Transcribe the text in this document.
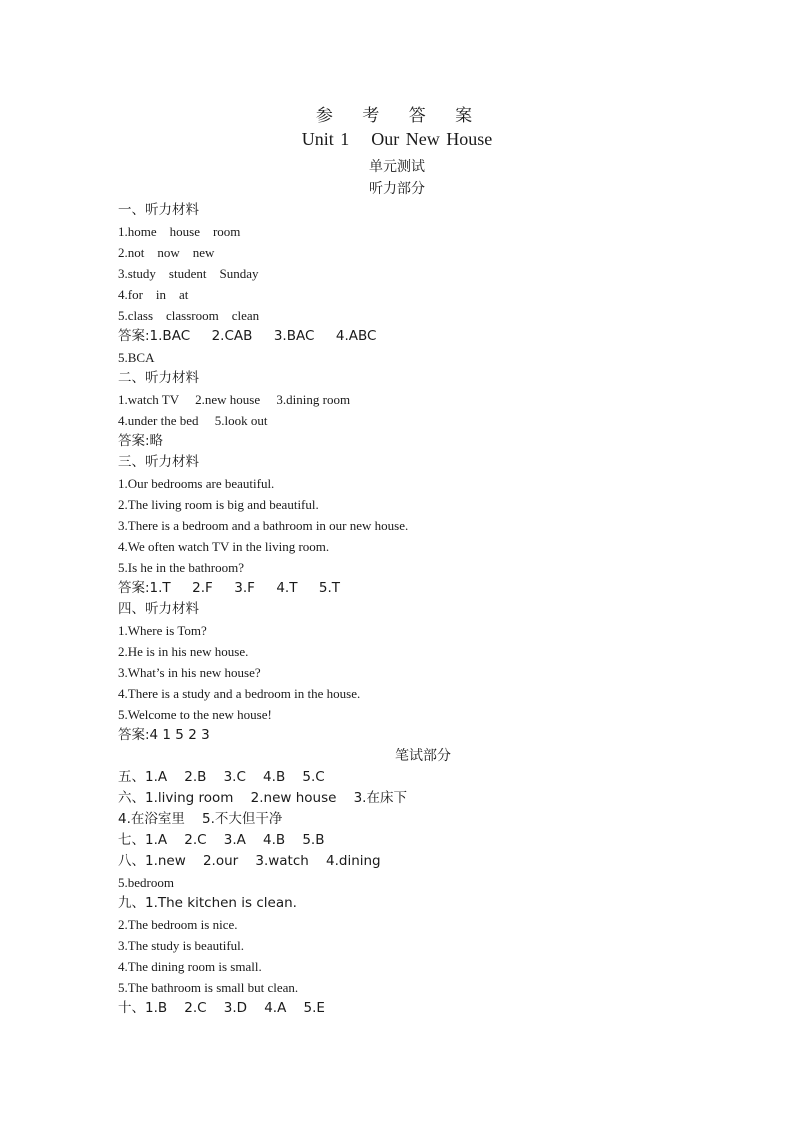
参 考 答 案
Unit 1 Our New House
单元测试
听力部分
一、听力材料
1.home    house    room
2.not    now    new
3.study    student    Sunday
4.for    in    at
5.class    classroom    clean
答案:1.BAC     2.CAB     3.BAC     4.ABC
5.BCA
二、听力材料
1.watch TV     2.new house     3.dining room
4.under the bed     5.look out
答案:略
三、听力材料
1.Our bedrooms are beautiful.
2.The living room is big and beautiful.
3.There is a bedroom and a bathroom in our new house.
4.We often watch TV in the living room.
5.Is he in the bathroom?
答案:1.T     2.F     3.F     4.T     5.T
四、听力材料
1.Where is Tom?
2.He is in his new house.
3.What’s in his new house?
4.There is a study and a bedroom in the house.
5.Welcome to the new house!
答案:4 1 5 2 3
笔试部分
五、1.A    2.B    3.C    4.B    5.C
六、1.living room    2.new house    3.在床下
4.在浴室里    5.不大但干净
七、1.A    2.C    3.A    4.B    5.B
八、1.new    2.our    3.watch    4.dining
5.bedroom
九、1.The kitchen is clean.
2.The bedroom is nice.
3.The study is beautiful.
4.The dining room is small.
5.The bathroom is small but clean.
十、1.B    2.C    3.D    4.A    5.E
